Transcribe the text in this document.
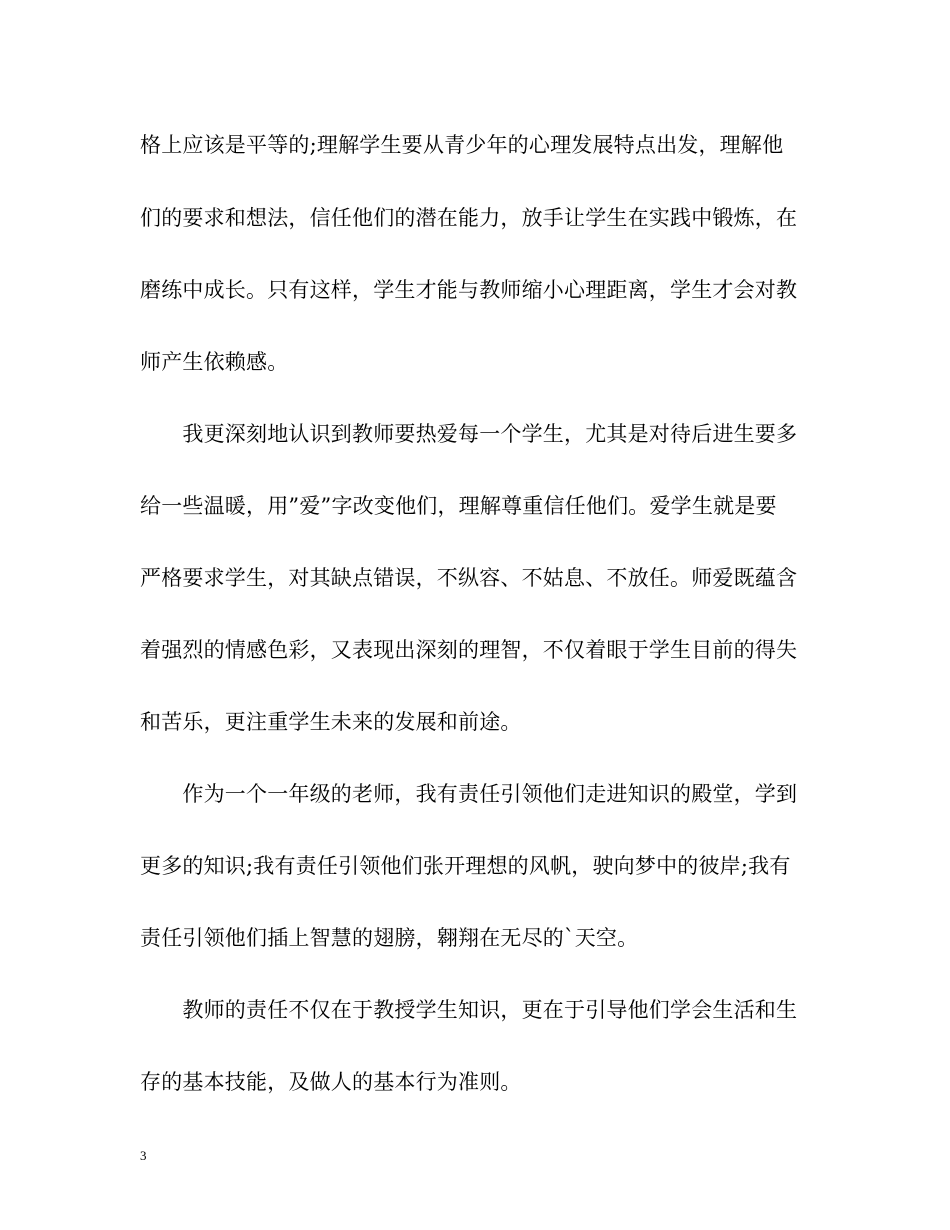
格上应该是平等的;理解学生要从青少年的心理发展特点出发，理解他
们的要求和想法，信任他们的潜在能力，放手让学生在实践中锻炼，在
磨练中成长。只有这样，学生才能与教师缩小心理距离，学生才会对教
师产生依赖感。
　　我更深刻地认识到教师要热爱每一个学生，尤其是对待后进生要多
给一些温暖，用”爱”字改变他们，理解尊重信任他们。爱学生就是要
严格要求学生，对其缺点错误，不纵容、不姑息、不放任。师爱既蕴含
着强烈的情感色彩，又表现出深刻的理智，不仅着眼于学生目前的得失
和苦乐，更注重学生未来的发展和前途。
　　作为一个一年级的老师，我有责任引领他们走进知识的殿堂，学到
更多的知识;我有责任引领他们张开理想的风帆，驶向梦中的彼岸;我有
责任引领他们插上智慧的翅膀，翱翔在无尽的`天空。
　　教师的责任不仅在于教授学生知识，更在于引导他们学会生活和生
存的基本技能，及做人的基本行为准则。
3
